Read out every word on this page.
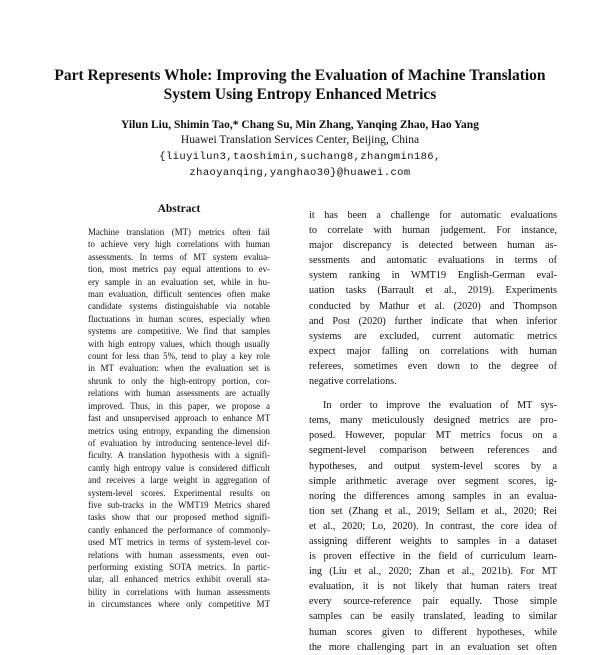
Part Represents Whole: Improving the Evaluation of Machine Translation
System Using Entropy Enhanced Metrics
Yilun Liu, Shimin Tao,* Chang Su, Min Zhang, Yanqing Zhao, Hao Yang
Huawei Translation Services Center, Beijing, China
{liuyilun3,taoshimin,suchang8,zhangmin186,
zhaoyanqing,yanghao30}@huawei.com
Abstract
Machine translation (MT) metrics often fail
to achieve very high correlations with human
assessments. In terms of MT system evalua-
tion, most metrics pay equal attentions to ev-
ery sample in an evaluation set, while in hu-
man evaluation, difficult sentences often make
candidate systems distinguishable via notable
fluctuations in human scores, especially when
systems are competitive. We find that samples
with high entropy values, which though usually
count for less than 5%, tend to play a key role
in MT evaluation: when the evaluation set is
shrunk to only the high-entropy portion, cor-
relations with human assessments are actually
improved. Thus, in this paper, we propose a
fast and unsupervised approach to enhance MT
metrics using entropy, expanding the dimension
of evaluation by introducing sentence-level dif-
ficulty. A translation hypothesis with a signifi-
cantly high entropy value is considered difficult
and receives a large weight in aggregation of
system-level scores. Experimental results on
five sub-tracks in the WMT19 Metrics shared
tasks show that our proposed method signifi-
cantly enhanced the performance of commonly-
used MT metrics in terms of system-level cor-
relations with human assessments, even out-
performing existing SOTA metrics. In partic-
ular, all enhanced metrics exhibit overall sta-
bility in correlations with human assessments
in circumstances where only competitive MT
it has been a challenge for automatic evaluations
to correlate with human judgement. For instance,
major discrepancy is detected between human as-
sessments and automatic evaluations in terms of
system ranking in WMT19 English-German eval-
uation tasks (Barrault et al., 2019). Experiments
conducted by Mathur et al. (2020) and Thompson
and Post (2020) further indicate that when inferior
systems are excluded, current automatic metrics
expect major falling on correlations with human
referees, sometimes even down to the degree of
negative correlations.
In order to improve the evaluation of MT sys-
tems, many meticulously designed metrics are pro-
posed. However, popular MT metrics focus on a
segment-level comparison between references and
hypotheses, and output system-level scores by a
simple arithmetic average over segment scores, ig-
noring the differences among samples in an evalua-
tion set (Zhang et al., 2019; Sellam et al., 2020; Rei
et al., 2020; Lo, 2020). In contrast, the core idea of
assigning different weights to samples in a dataset
is proven effective in the field of curriculum learn-
ing (Liu et al., 2020; Zhan et al., 2021b). For MT
evaluation, it is not likely that human raters treat
every source-reference pair equally. Those simple
samples can be easily translated, leading to similar
human scores given to different hypotheses, while
the more challenging part in an evaluation set often
